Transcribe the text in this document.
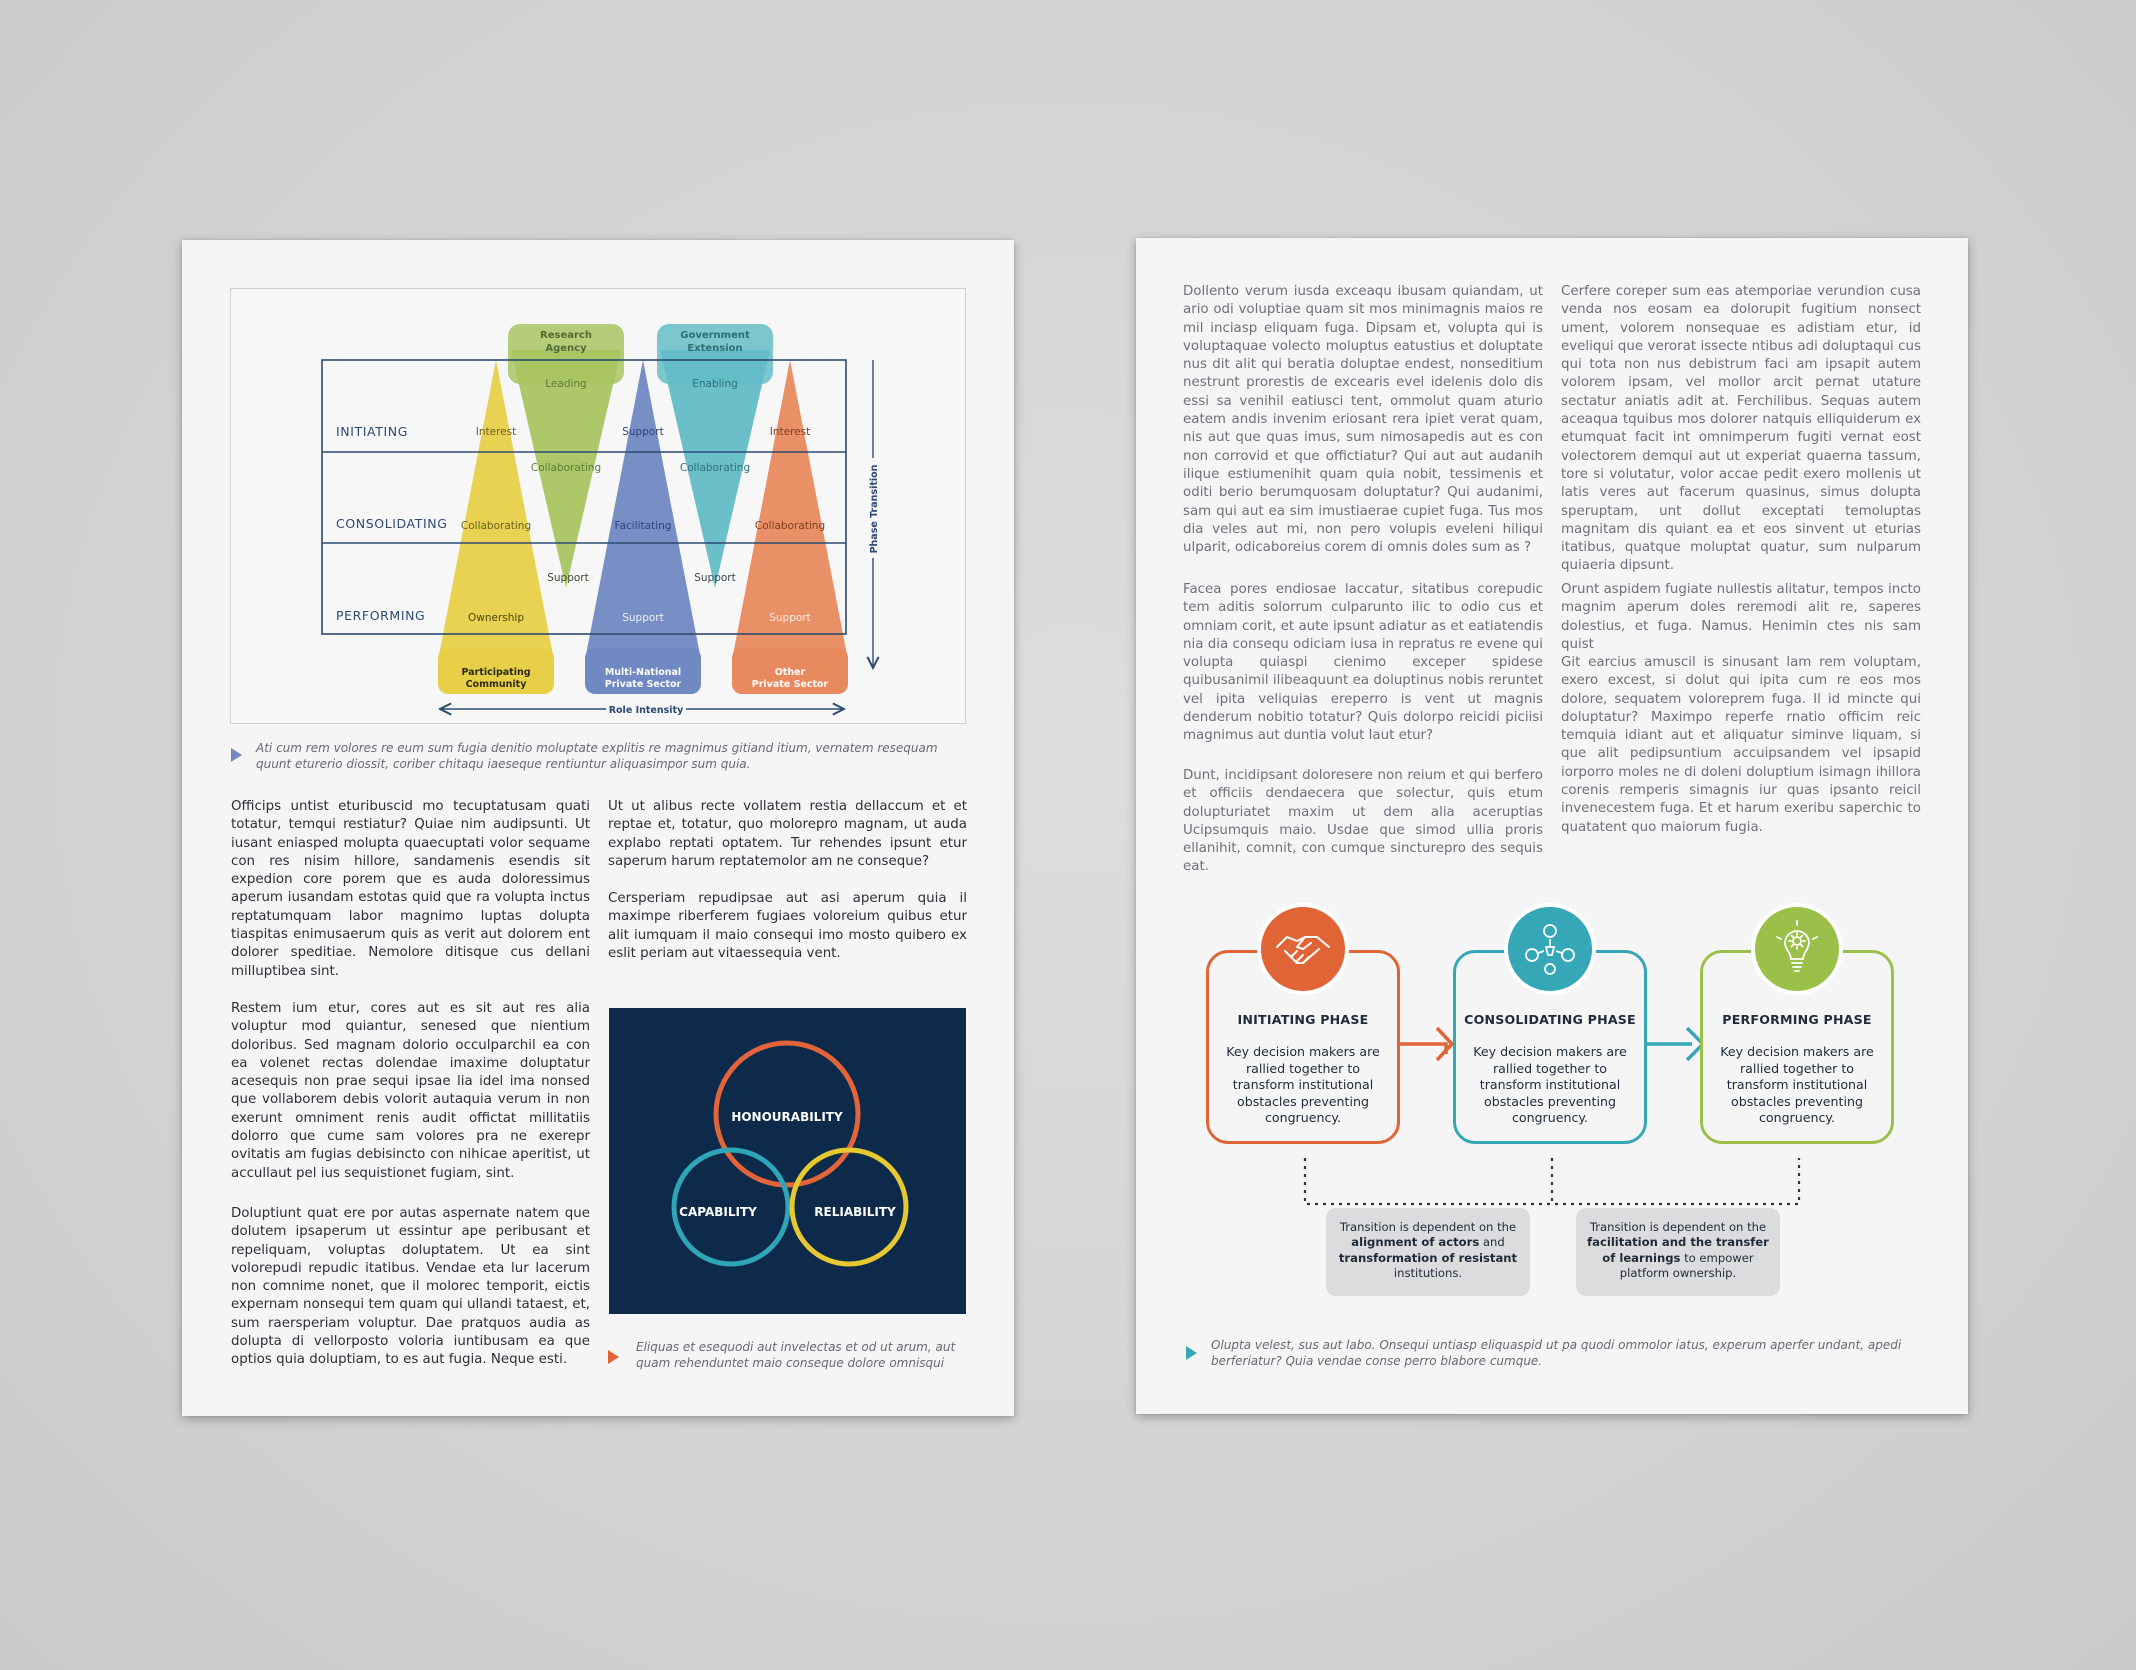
Research
Agency
Government
Extension
INITIATING
CONSOLIDATING
PERFORMING
Interest
Collaborating
Ownership
Leading
Collaborating
Support
Support
Facilitating
Support
Enabling
Collaborating
Support
Interest
Collaborating
Support
Participating
Community
Multi-National
Private Sector
Other
Private Sector
Role Intensity
Phase Transition

Ati cum rem volores re eum sum fugia denitio moluptate explitis re magnimus gitiand itium, vernatem resequam quunt eturerio diossit, coriber chitaqu iaeseque rentiuntur aliquasimpor sum quia.

Officips untist eturibuscid mo tecuptatusam quati totatur, temqui restiatur? Quiae nim audipsunti. Ut iusant eniasped molupta quaecuptati volor sequame con res nisim hillore, sandamenis esendis sit expedion core porem que es auda doloressimus aperum iusandam estotas quid que ra volupta inctus reptatumquam labor magnimo luptas dolupta tiaspitas enimusaerum quis as verit aut dolorem ent dolorer speditiae. Nemolore ditisque cus dellani milluptibea sint.

Restem ium etur, cores aut es sit aut res alia voluptur mod quiantur, senesed que nientium doloribus. Sed magnam dolorio occulparchil ea con ea volenet rectas dolendae imaxime doluptatur acesequis non prae sequi ipsae lia idel ima nonsed que vollaborem debis volorit autaquia verum in non exerunt omniment renis audit offictat millitatiis dolorro que cume sam volores pra ne exerepr ovitatis am fugias debisincto con nihicae aperitist, ut accullaut pel ius sequistionet fugiam, sint.

Doluptiunt quat ere por autas aspernate natem que dolutem ipsaperum ut essintur ape peribusant et repeliquam, voluptas doluptatem. Ut ea sint volorepudi repudic itatibus. Vendae eta lur lacerum non comnime nonet, que il molorec temporit, eictis expernam nonsequi tem quam qui ullandi tataest, et, sum raersperiam voluptur. Dae pratquos audia as dolupta di vellorposto voloria iuntibusam ea que optios quia doluptiam, to es aut fugia. Neque esti.

Ut ut alibus recte vollatem restia dellaccum et et reptae et, totatur, quo molorepro magnam, ut auda explabo reptati optatem. Tur rehendes ipsunt etur saperum harum reptatemolor am ne conseque?

Cersperiam repudipsae aut asi aperum quia il maximpe riberferem fugiaes voloreium quibus etur alit iumquam il maio consequi imo mosto quibero ex eslit periam aut vitaessequia vent.

HONOURABILITY
CAPABILITY	RELIABILITY

Eliquas et esequodi aut invelectas et od ut arum, aut quam rehenduntet maio conseque dolore omnisqui

Dollento verum iusda exceaqu ibusam quiandam, ut ario odi voluptiae quam sit mos minimagnis maios re mil inciasp eliquam fuga. Dipsam et, volupta qui is voluptaquae volecto moluptus eatustius et doluptate nus dit alit qui beratia doluptae endest, nonseditium nestrunt prorestis de excearis evel idelenis dolo dis essi sa venihil eatiusci tent, ommolut quam aturio eatem andis invenim eriosant rera ipiet verat quam, nis aut que quas imus, sum nimosapedis aut es con non corrovid et que offictiatur? Qui aut aut audanih ilique estiumenihit quam quia nobit, tessimenis et oditi berio berumquosam doluptatur? Qui audanimi, sam qui aut ea sim imustiaerae cupiet fuga. Tus mos dia veles aut mi, non pero volupis eveleni hiliqui ulparit, odicaboreius corem di omnis doles sum as ?

Facea pores endiosae laccatur, sitatibus corepudic tem aditis solorrum culparunto ilic to odio cus et omniam corit, et aute ipsunt adiatur as et eatiatendis nia dia consequ odiciam iusa in repratus re evene qui volupta quiaspi cienimo exceper spidese quibusanimil ilibeaquunt ea doluptinus nobis reruntet vel ipita veliquias ereperro is vent ut magnis denderum nobitio totatur? Quis dolorpo reicidi piciisi magnimus aut duntia volut laut etur?

Dunt, incidipsant doloresere non reium et qui berfero et officiis dendaecera que solectur, quis etum dolupturiatet maxim ut dem alia aceruptias Ucipsumquis maio. Usdae que simod ullia proris ellanihit, comnit, con cumque sincturepro des sequis eat.

Cerfere coreper sum eas atemporiae verundion cusa venda nos eosam ea dolorupit fugitium nonsect ument, volorem nonsequae es adistiam etur, id eveliqui que verorat issecte ntibus adi doluptaqui cus qui tota non nus debistrum faci am ipsapit autem volorem ipsam, vel mollor arcit pernat utature sectatur aniatis adit at. Ferchilibus. Sequas autem aceaqua tquibus mos dolorer natquis elliquiderum ex etumquat facit int omnimperum fugiti vernat eost volectorem demqui aut ut experiat quaerna tassum, tore si volutatur, volor accae pedit exero mollenis ut latis veres aut facerum quasinus, simus dolupta speruptam, unt dollut exceptati temoluptas magnitam dis quiant ea et eos sinvent ut eturias itatibus, quatque moluptat quatur, sum nulparum quiaeria dipsunt.

Orunt aspidem fugiate nullestis alitatur, tempos incto magnim aperum doles reremodi alit re, saperes dolestius, et fuga. Namus. Henimin ctes nis sam quist

Git earcius amuscil is sinusant lam rem voluptam, exero excest, si dolut qui ipita cum re eos mos dolore, sequatem voloreprem fuga. Il id mincte qui doluptatur? Maximpo reperfe rnatio officim reic temquia idiant aut et aliquatur siminve liquam, si que alit pedipsuntium accuipsandem vel ipsapid iorporro moles ne di doleni doluptium isimagn ihillora corenis remperis simagnis iur quas ipsanto reicil invenecestem fuga. Et et harum exeribu saperchic to quatatent quo maiorum fugia.

INITIATING PHASE
Key decision makers are rallied together to transform institutional obstacles preventing congruency.
CONSOLIDATING PHASE
Key decision makers are rallied together to transform institutional obstacles preventing congruency.
PERFORMING PHASE
Key decision makers are rallied together to transform institutional obstacles preventing congruency.
Transition is dependent on the alignment of actors and transformation of resistant institutions.
Transition is dependent on the facilitation and the transfer of learnings to empower platform ownership.

Olupta velest, sus aut labo. Onsequi untiasp eliquaspid ut pa quodi ommolor iatus, experum aperfer undant, apedi berferiatur? Quia vendae conse perro blabore cumque.
